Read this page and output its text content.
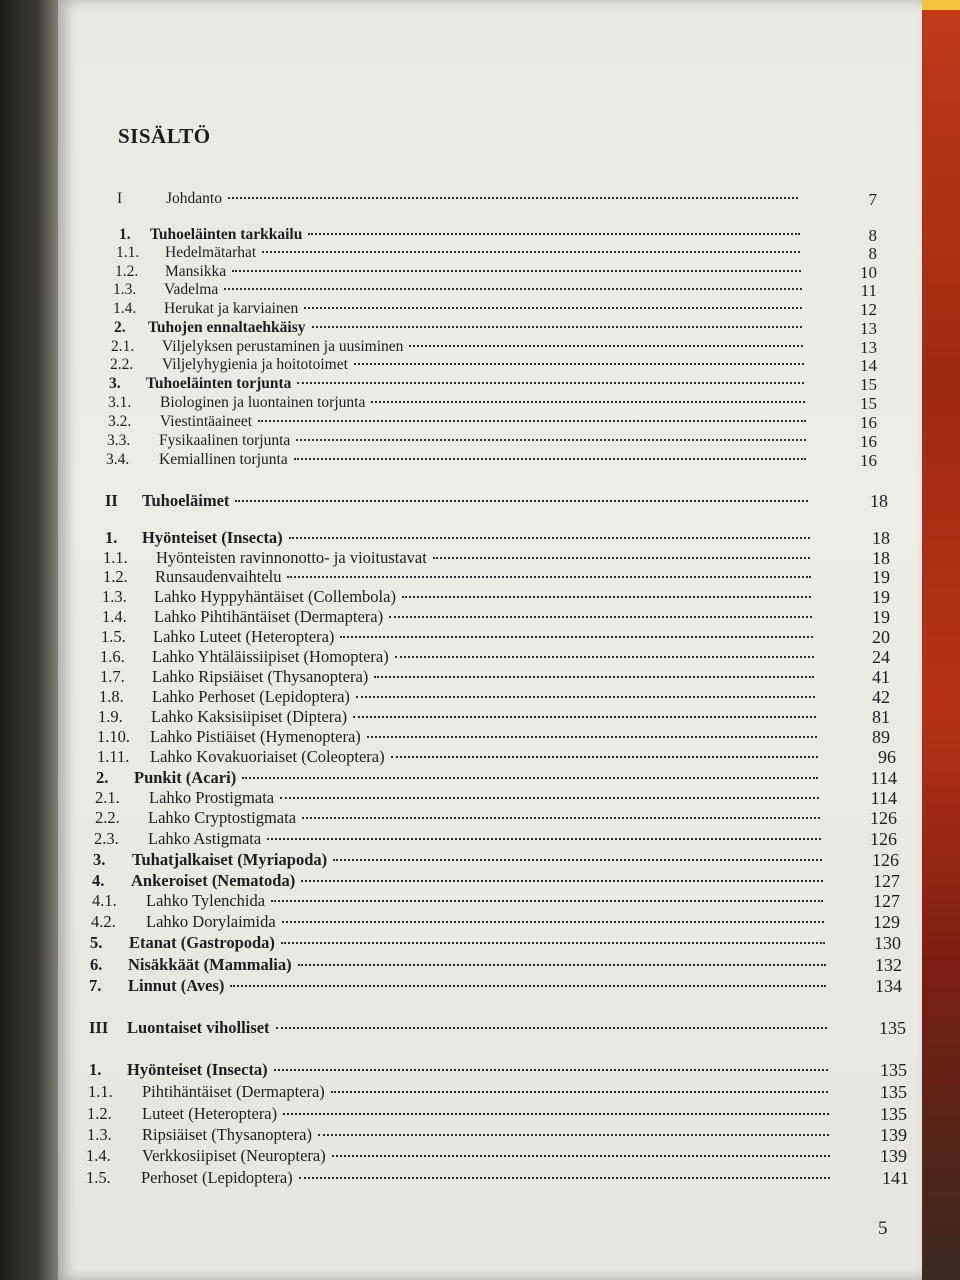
SISÄLTÖ
I	Johdanto	7
1.	Tuhoeläinten tarkkailu	8
1.1.	Hedelmätarhat	8
1.2.	Mansikka	10
1.3.	Vadelma	11
1.4.	Herukat ja karviainen	12
2.	Tuhojen ennaltaehkäisy	13
2.1.	Viljelyksen perustaminen ja uusiminen	13
2.2.	Viljelyhygienia ja hoitotoimet	14
3.	Tuhoeläinten torjunta	15
3.1.	Biologinen ja luontainen torjunta	15
3.2.	Viestintäaineet	16
3.3.	Fysikaalinen torjunta	16
3.4.	Kemiallinen torjunta	16
II	Tuhoeläimet	18
1.	Hyönteiset (Insecta)	18
1.1.	Hyönteisten ravinnonotto- ja vioitustavat	18
1.2.	Runsaudenvaihtelu	19
1.3.	Lahko Hyppyhäntäiset (Collembola)	19
1.4.	Lahko Pihtihäntäiset (Dermaptera)	19
1.5.	Lahko Luteet (Heteroptera)	20
1.6.	Lahko Yhtäläissiipiset (Homoptera)	24
1.7.	Lahko Ripsiäiset (Thysanoptera)	41
1.8.	Lahko Perhoset (Lepidoptera)	42
1.9.	Lahko Kaksisiipiset (Diptera)	81
1.10.	Lahko Pistiäiset (Hymenoptera)	89
1.11.	Lahko Kovakuoriaiset (Coleoptera)	96
2.	Punkit (Acari)	114
2.1.	Lahko Prostigmata	114
2.2.	Lahko Cryptostigmata	126
2.3.	Lahko Astigmata	126
3.	Tuhatjalkaiset (Myriapoda)	126
4.	Ankeroiset (Nematoda)	127
4.1.	Lahko Tylenchida	127
4.2.	Lahko Dorylaimida	129
5.	Etanat (Gastropoda)	130
6.	Nisäkkäät (Mammalia)	132
7.	Linnut (Aves)	134
III	Luontaiset viholliset	135
1.	Hyönteiset (Insecta)	135
1.1.	Pihtihäntäiset (Dermaptera)	135
1.2.	Luteet (Heteroptera)	135
1.3.	Ripsiäiset (Thysanoptera)	139
1.4.	Verkkosiipiset (Neuroptera)	139
1.5.	Perhoset (Lepidoptera)	141
5
